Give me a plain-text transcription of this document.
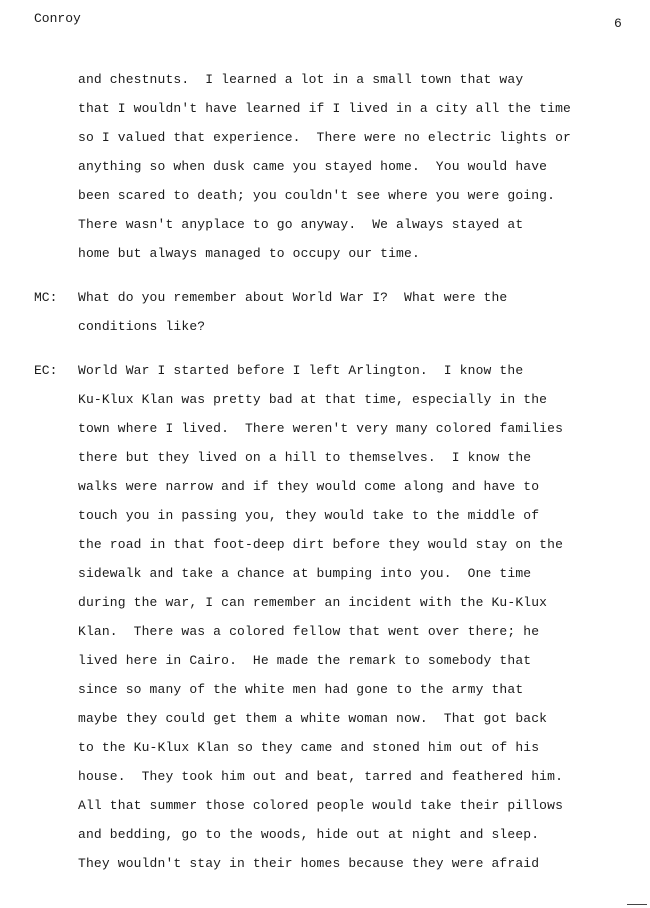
Conroy	6
and chestnuts.  I learned a lot in a small town that way
that I wouldn't have learned if I lived in a city all the time
so I valued that experience.  There were no electric lights or
anything so when dusk came you stayed home.  You would have
been scared to death; you couldn't see where you were going.
There wasn't anyplace to go anyway.  We always stayed at
home but always managed to occupy our time.
MC: What do you remember about World War I?  What were the
conditions like?
EC: World War I started before I left Arlington.  I know the
Ku-Klux Klan was pretty bad at that time, especially in the
town where I lived.  There weren't very many colored families
there but they lived on a hill to themselves.  I know the
walks were narrow and if they would come along and have to
touch you in passing you, they would take to the middle of
the road in that foot-deep dirt before they would stay on the
sidewalk and take a chance at bumping into you.  One time
during the war, I can remember an incident with the Ku-Klux
Klan.  There was a colored fellow that went over there; he
lived here in Cairo.  He made the remark to somebody that
since so many of the white men had gone to the army that
maybe they could get them a white woman now.  That got back
to the Ku-Klux Klan so they came and stoned him out of his
house.  They took him out and beat, tarred and feathered him.
All that summer those colored people would take their pillows
and bedding, go to the woods, hide out at night and sleep.
They wouldn't stay in their homes because they were afraid
